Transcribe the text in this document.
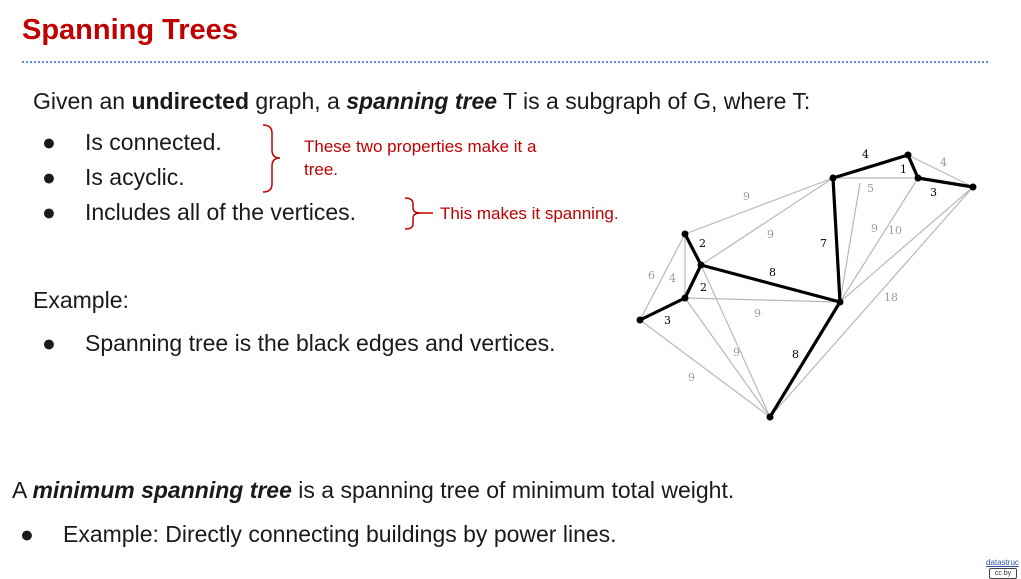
Spanning Trees
Given an undirected graph, a spanning tree T is a subgraph of G, where T:
● Is connected.
● Is acyclic.
● Includes all of the vertices.
These two properties make it a tree.
This makes it spanning.
Example:
● Spanning tree is the black edges and vertices.
9
9	9 10
6 4
9
9
9
18
5
4
4
1
3
7
8
2
2
3
8
A minimum spanning tree is a spanning tree of minimum total weight.
● Example: Directly connecting buildings by power lines.
datastruc
cc by
